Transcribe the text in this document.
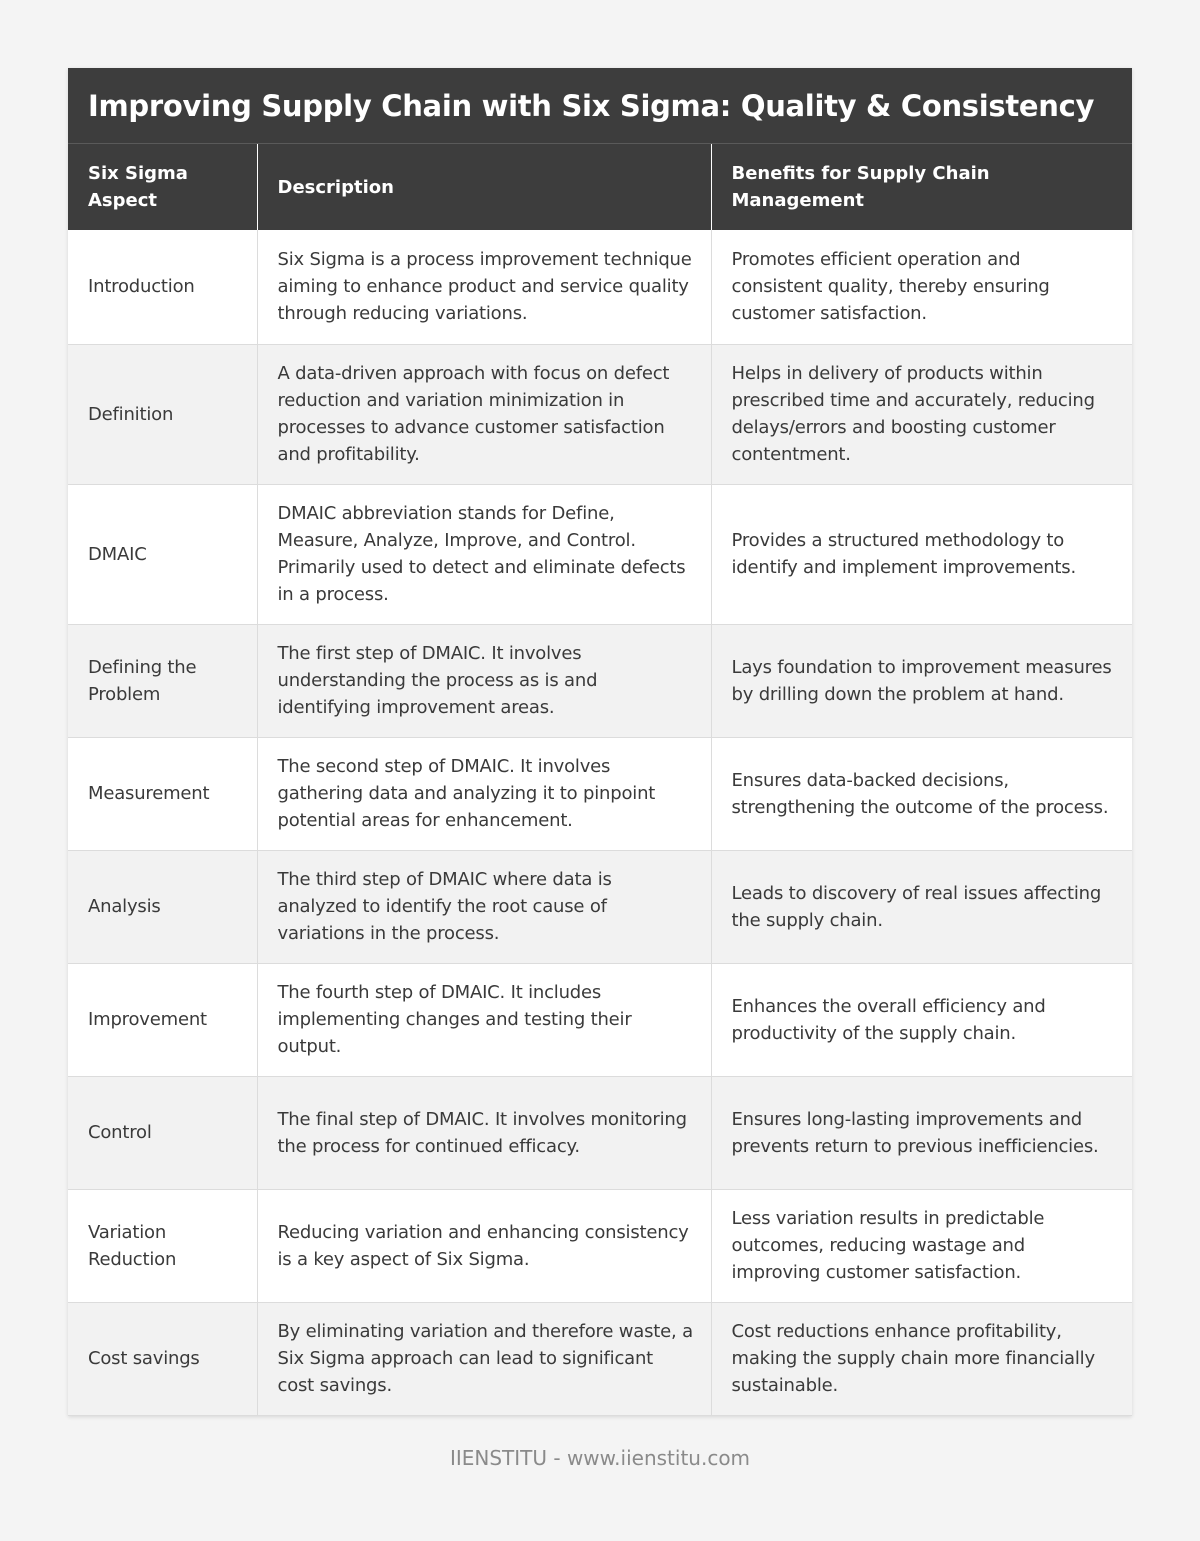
Improving Supply Chain with Six Sigma: Quality & Consistency
Six Sigma Aspect	Description	Benefits for Supply Chain Management
Introduction	Six Sigma is a process improvement technique aiming to enhance product and service quality through reducing variations.	Promotes efficient operation and consistent quality, thereby ensuring customer satisfaction.
Definition	A data-driven approach with focus on defect reduction and variation minimization in processes to advance customer satisfaction and profitability.	Helps in delivery of products within prescribed time and accurately, reducing delays/errors and boosting customer contentment.
DMAIC	DMAIC abbreviation stands for Define, Measure, Analyze, Improve, and Control. Primarily used to detect and eliminate defects in a process.	Provides a structured methodology to identify and implement improvements.
Defining the Problem	The first step of DMAIC. It involves understanding the process as is and identifying improvement areas.	Lays foundation to improvement measures by drilling down the problem at hand.
Measurement	The second step of DMAIC. It involves gathering data and analyzing it to pinpoint potential areas for enhancement.	Ensures data-backed decisions, strengthening the outcome of the process.
Analysis	The third step of DMAIC where data is analyzed to identify the root cause of variations in the process.	Leads to discovery of real issues affecting the supply chain.
Improvement	The fourth step of DMAIC. It includes implementing changes and testing their output.	Enhances the overall efficiency and productivity of the supply chain.
Control	The final step of DMAIC. It involves monitoring the process for continued efficacy.	Ensures long-lasting improvements and prevents return to previous inefficiencies.
Variation Reduction	Reducing variation and enhancing consistency is a key aspect of Six Sigma.	Less variation results in predictable outcomes, reducing wastage and improving customer satisfaction.
Cost savings	By eliminating variation and therefore waste, a Six Sigma approach can lead to significant cost savings.	Cost reductions enhance profitability, making the supply chain more financially sustainable.
IIENSTITU - www.iienstitu.com
